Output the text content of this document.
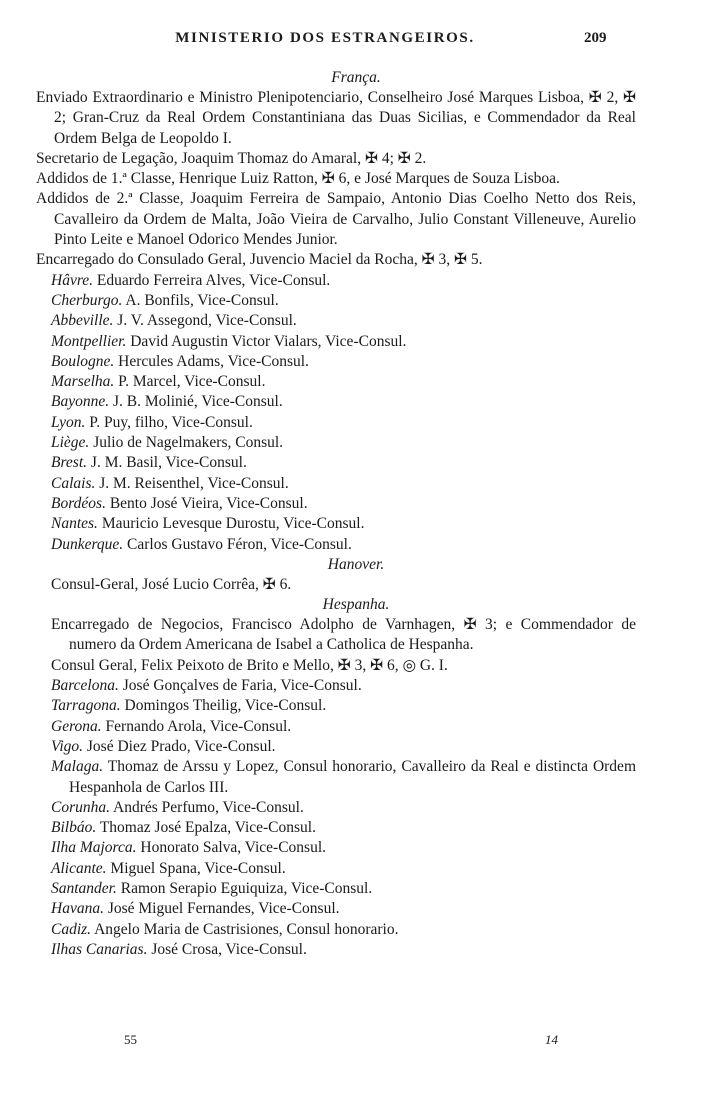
MINISTERIO DOS ESTRANGEIROS.	209
França.
Enviado Extraordinario e Ministro Plenipotenciario, Conselheiro José Marques Lisboa, ✠ 2, ✠ 2; Gran-Cruz da Real Ordem Constantiniana das Duas Sicilias, e Commendador da Real Ordem Belga de Leopoldo I.
Secretario de Legação, Joaquim Thomaz do Amaral, ✠ 4; ✠ 2.
Addidos de 1.ª Classe, Henrique Luiz Ratton, ✠ 6, e José Marques de Souza Lisboa.
Addidos de 2.ª Classe, Joaquim Ferreira de Sampaio, Antonio Dias Coelho Netto dos Reis, Cavalleiro da Ordem de Malta, João Vieira de Carvalho, Julio Constant Villeneuve, Aurelio Pinto Leite e Manoel Odorico Mendes Junior.
Encarregado do Consulado Geral, Juvencio Maciel da Rocha, ✠ 3, ✠ 5.
Hâvre. Eduardo Ferreira Alves, Vice-Consul.
Cherburgo. A. Bonfils, Vice-Consul.
Abbeville. J. V. Assegond, Vice-Consul.
Montpellier. David Augustin Victor Vialars, Vice-Consul.
Boulogne. Hercules Adams, Vice-Consul.
Marselha. P. Marcel, Vice-Consul.
Bayonne. J. B. Molinié, Vice-Consul.
Lyon. P. Puy, filho, Vice-Consul.
Liège. Julio de Nagelmakers, Consul.
Brest. J. M. Basil, Vice-Consul.
Calais. J. M. Reisenthel, Vice-Consul.
Bordéos. Bento José Vieira, Vice-Consul.
Nantes. Mauricio Levesque Durostu, Vice-Consul.
Dunkerque. Carlos Gustavo Féron, Vice-Consul.
Hanover.
Consul-Geral, José Lucio Corrêa, ✠ 6.
Hespanha.
Encarregado de Negocios, Francisco Adolpho de Varnhagen, ✠ 3; e Commendador de numero da Ordem Americana de Isabel a Catholica de Hespanha.
Consul Geral, Felix Peixoto de Brito e Mello, ✠ 3, ✠ 6, ◎ G. I.
Barcelona. José Gonçalves de Faria, Vice-Consul.
Tarragona. Domingos Theilig, Vice-Consul.
Gerona. Fernando Arola, Vice-Consul.
Vigo. José Diez Prado, Vice-Consul.
Malaga. Thomaz de Arssu y Lopez, Consul honorario, Cavalleiro da Real e distincta Ordem Hespanhola de Carlos III.
Corunha. Andrés Perfumo, Vice-Consul.
Bilbáo. Thomaz José Epalza, Vice-Consul.
Ilha Majorca. Honorato Salva, Vice-Consul.
Alicante. Miguel Spana, Vice-Consul.
Santander. Ramon Serapio Eguiquiza, Vice-Consul.
Havana. José Miguel Fernandes, Vice-Consul.
Cadiz. Angelo Maria de Castrisiones, Consul honorario.
Ilhas Canarias. José Crosa, Vice-Consul.
55	14
